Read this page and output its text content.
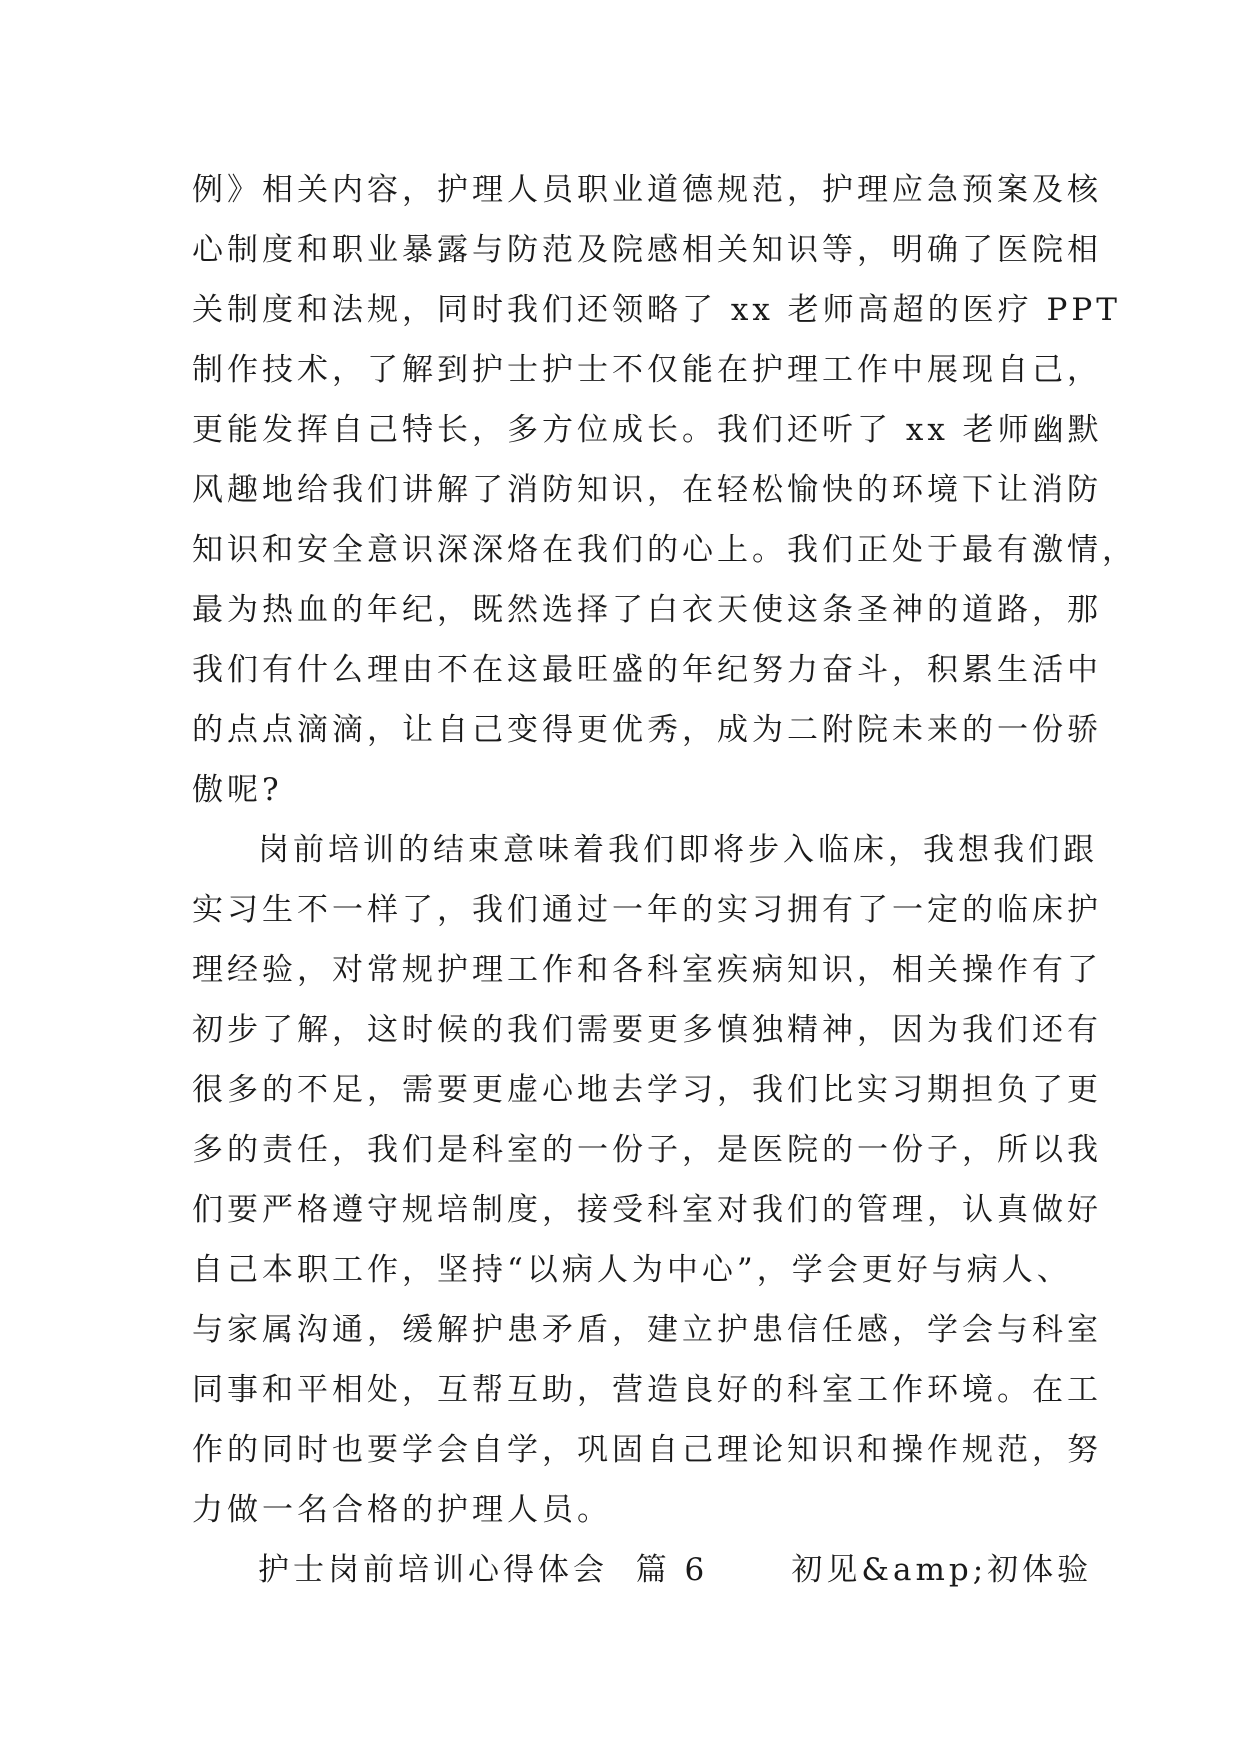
例》相关内容，护理人员职业道德规范，护理应急预案及核
心制度和职业暴露与防范及院感相关知识等，明确了医院相
关制度和法规，同时我们还领略了 xx 老师高超的医疗 PPT
制作技术，了解到护士护士不仅能在护理工作中展现自己，
更能发挥自己特长，多方位成长。我们还听了 xx 老师幽默
风趣地给我们讲解了消防知识，在轻松愉快的环境下让消防
知识和安全意识深深烙在我们的心上。我们正处于最有激情，
最为热血的年纪，既然选择了白衣天使这条圣神的道路，那
我们有什么理由不在这最旺盛的年纪努力奋斗，积累生活中
的点点滴滴，让自己变得更优秀，成为二附院未来的一份骄
傲呢?
岗前培训的结束意味着我们即将步入临床，我想我们跟
实习生不一样了，我们通过一年的实习拥有了一定的临床护
理经验，对常规护理工作和各科室疾病知识，相关操作有了
初步了解，这时候的我们需要更多慎独精神，因为我们还有
很多的不足，需要更虚心地去学习，我们比实习期担负了更
多的责任，我们是科室的一份子，是医院的一份子，所以我
们要严格遵守规培制度，接受科室对我们的管理，认真做好
自己本职工作，坚持“以病人为中心”，学会更好与病人、
与家属沟通，缓解护患矛盾，建立护患信任感，学会与科室
同事和平相处，互帮互助，营造良好的科室工作环境。在工
作的同时也要学会自学，巩固自己理论知识和操作规范，努
力做一名合格的护理人员。
护士岗前培训心得体会  篇 6      初见&amp;初体验
